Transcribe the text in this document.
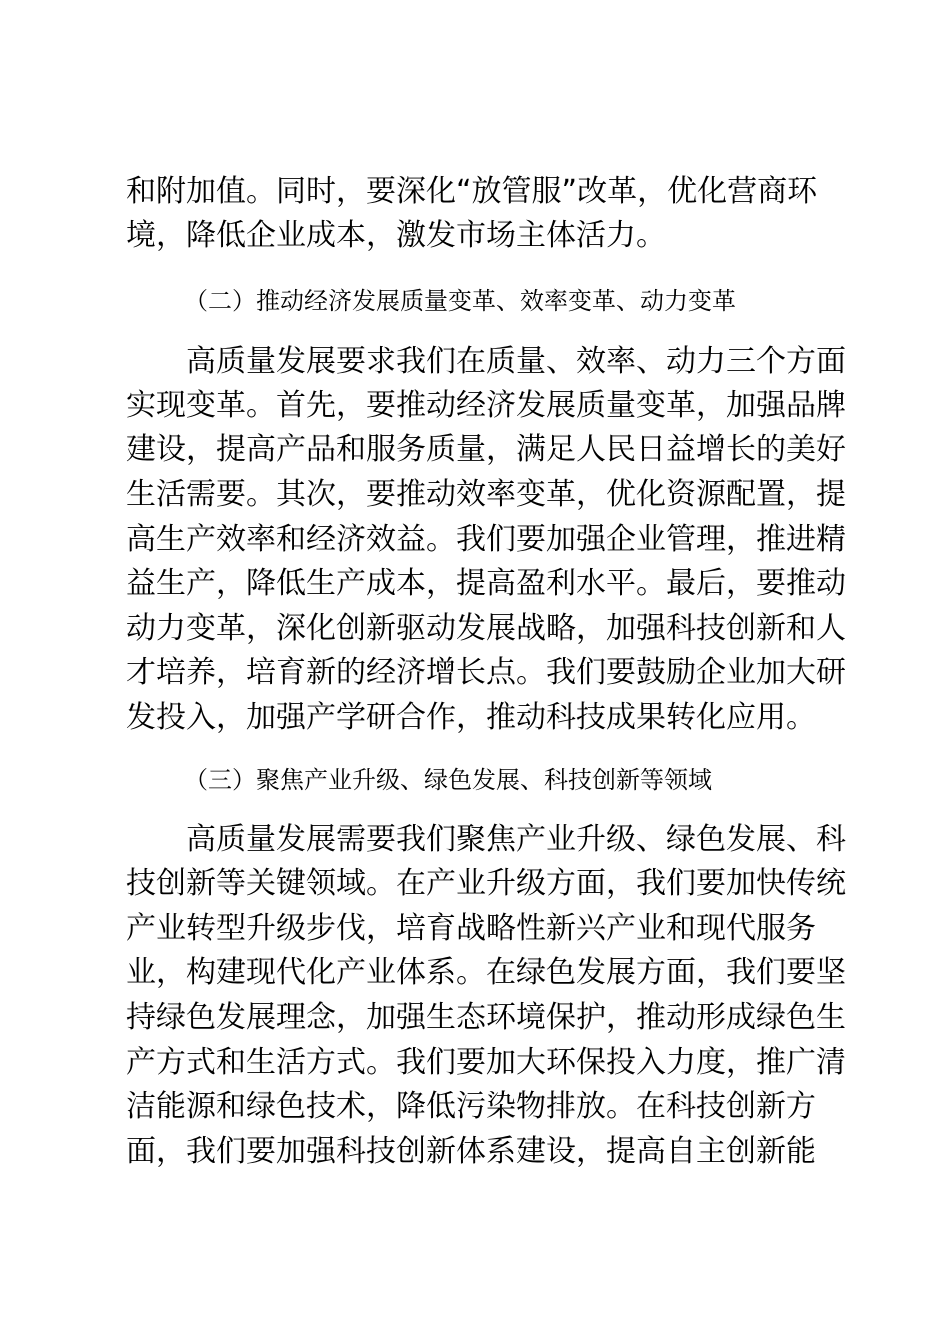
和附加值。同时，要深化“放管服”改革，优化营商环

境，降低企业成本，激发市场主体活力。

（二）推动经济发展质量变革、效率变革、动力变革

　　高质量发展要求我们在质量、效率、动力三个方面

实现变革。首先，要推动经济发展质量变革，加强品牌

建设，提高产品和服务质量，满足人民日益增长的美好

生活需要。其次，要推动效率变革，优化资源配置，提

高生产效率和经济效益。我们要加强企业管理，推进精

益生产，降低生产成本，提高盈利水平。最后，要推动

动力变革，深化创新驱动发展战略，加强科技创新和人

才培养，培育新的经济增长点。我们要鼓励企业加大研

发投入，加强产学研合作，推动科技成果转化应用。

（三）聚焦产业升级、绿色发展、科技创新等领域

　　高质量发展需要我们聚焦产业升级、绿色发展、科

技创新等关键领域。在产业升级方面，我们要加快传统

产业转型升级步伐，培育战略性新兴产业和现代服务

业，构建现代化产业体系。在绿色发展方面，我们要坚

持绿色发展理念，加强生态环境保护，推动形成绿色生

产方式和生活方式。我们要加大环保投入力度，推广清

洁能源和绿色技术，降低污染物排放。在科技创新方

面，我们要加强科技创新体系建设，提高自主创新能
